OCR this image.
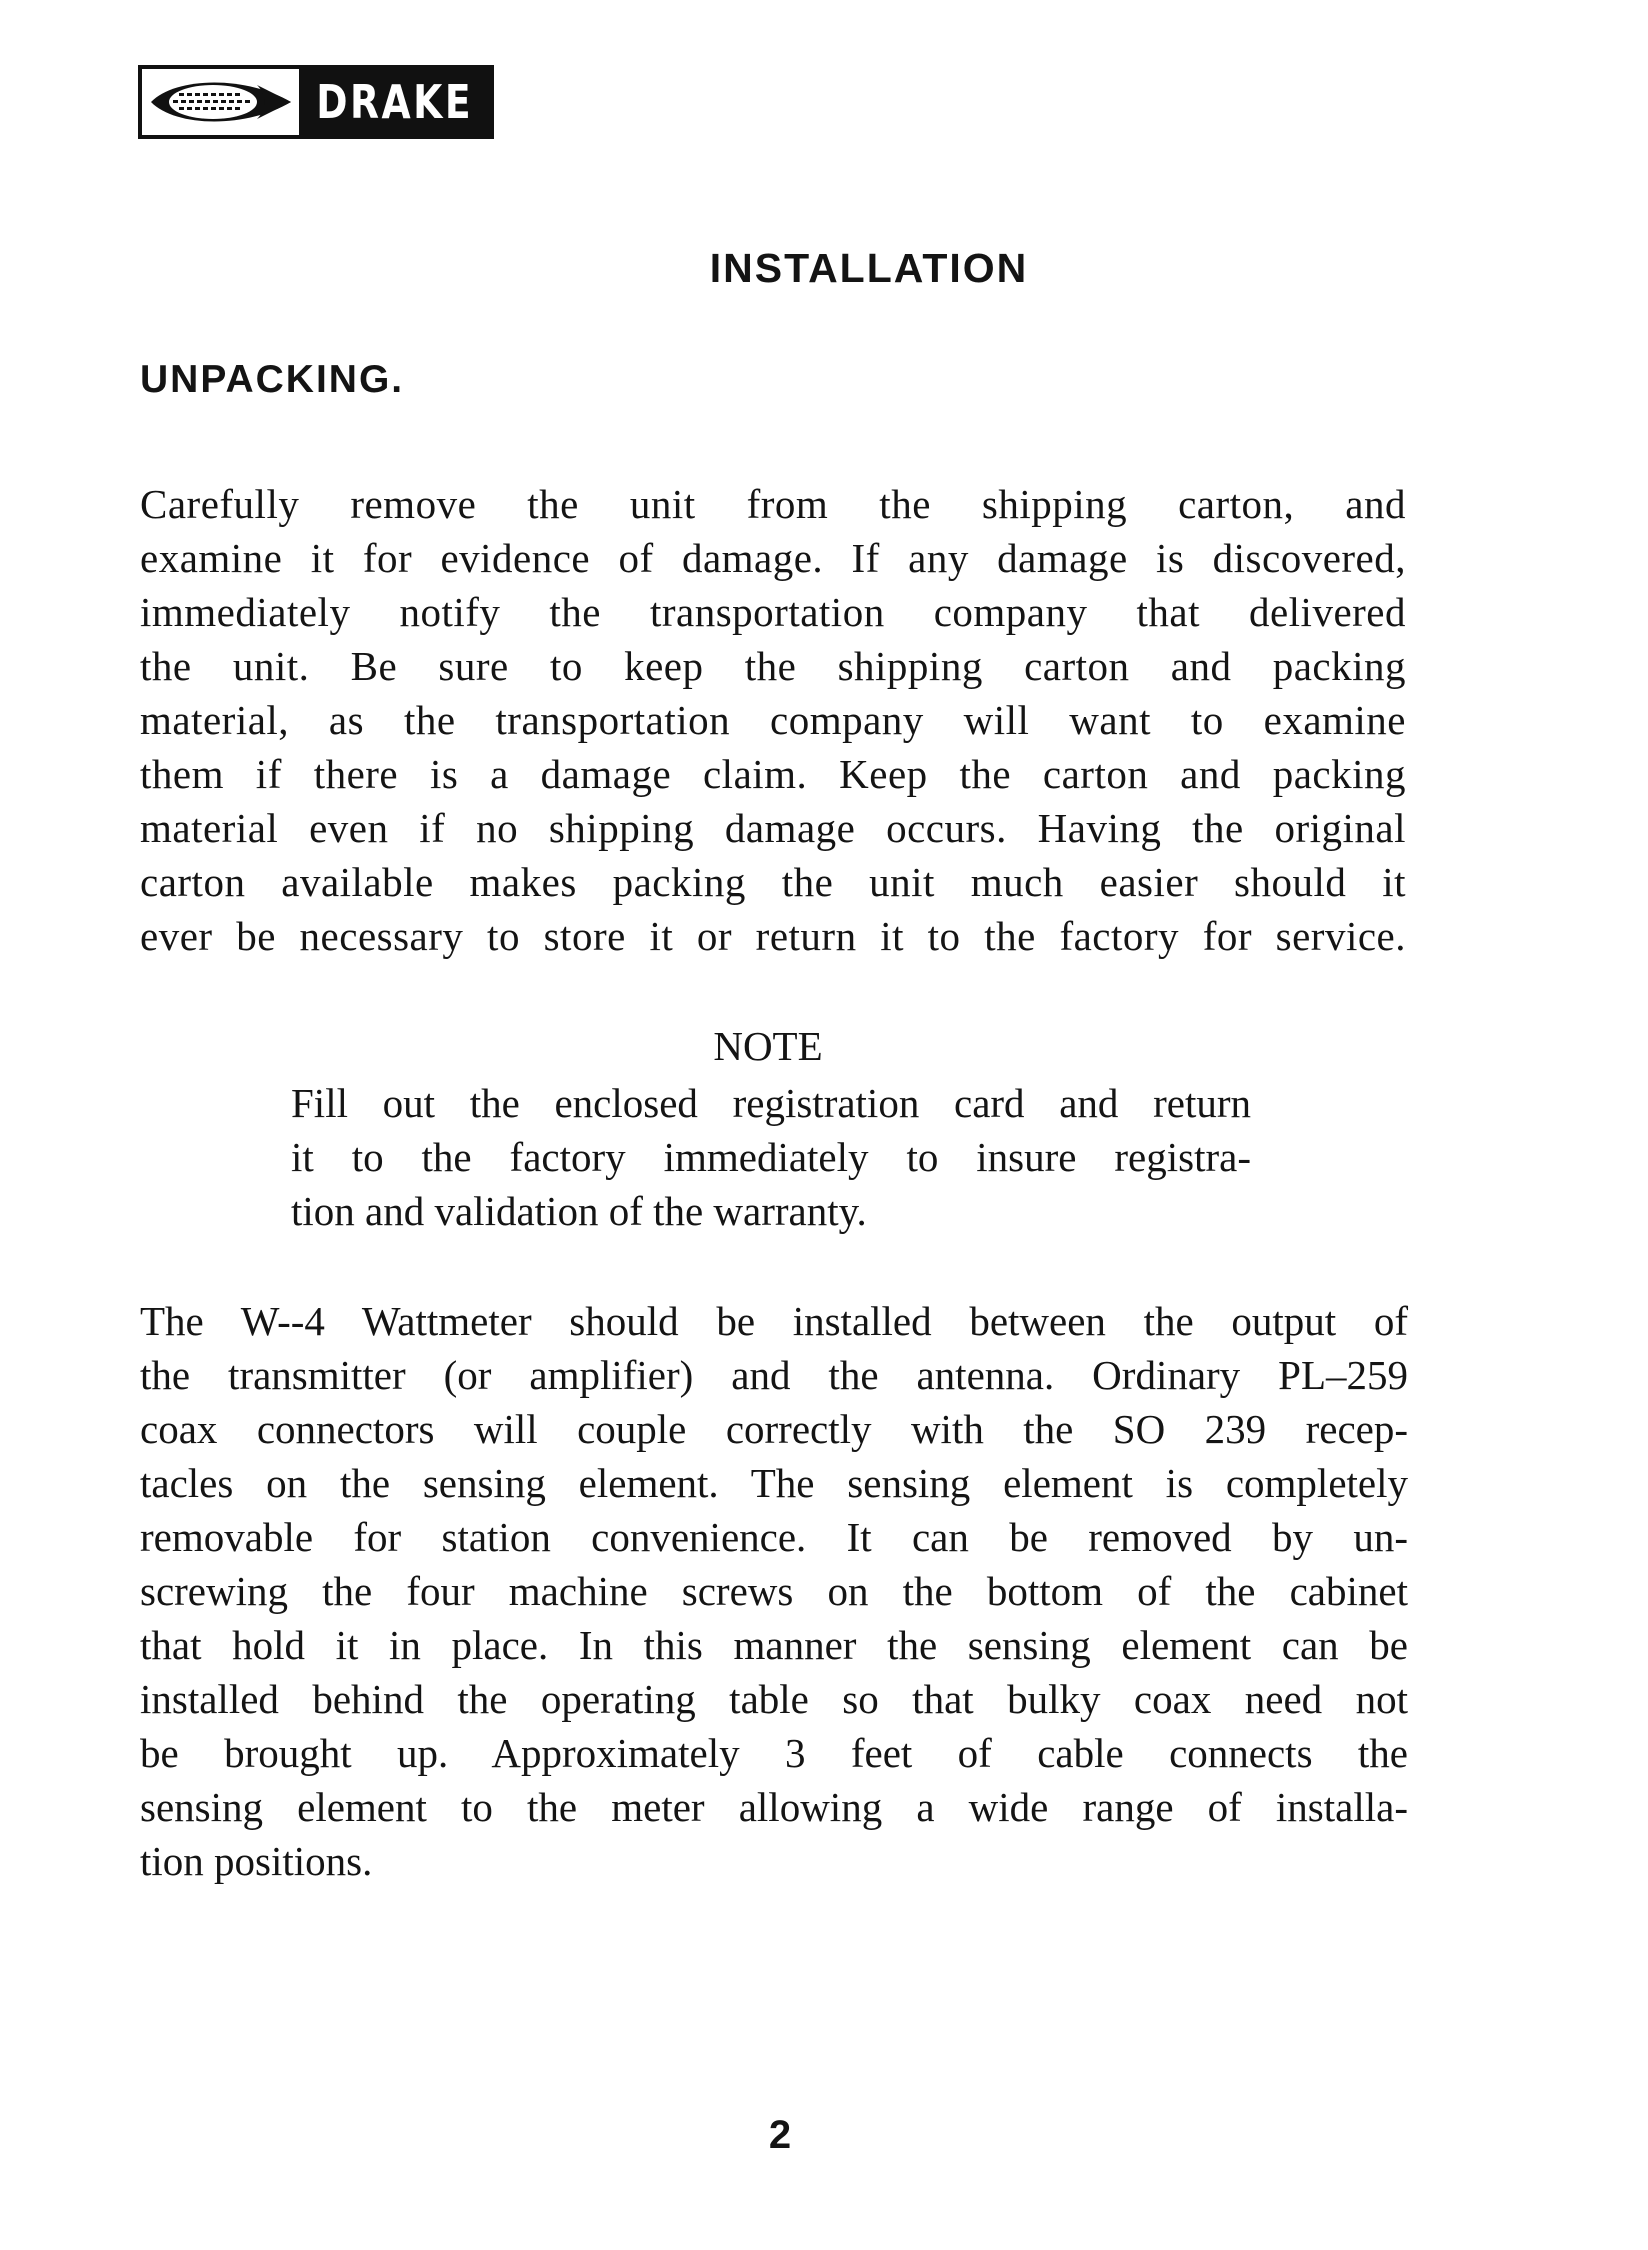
DRAKE
INSTALLATION
UNPACKING.
Carefully remove the unit from the shipping carton, and
examine it for evidence of damage. If any damage is discovered,
immediately notify the transportation company that delivered
the unit. Be sure to keep the shipping carton and packing
material, as the transportation company will want to examine
them if there is a damage claim. Keep the carton and packing
material even if no shipping damage occurs. Having the original
carton available makes packing the unit much easier should it
ever be necessary to store it or return it to the factory for service.
NOTE
Fill out the enclosed registration card and return
it to the factory immediately to insure registra-
tion and validation of the warranty.
The W--4 Wattmeter should be installed between the output of
the transmitter (or amplifier) and the antenna. Ordinary PL–259
coax connectors will couple correctly with the SO 239 recep-
tacles on the sensing element. The sensing element is completely
removable for station convenience. It can be removed by un-
screwing the four machine screws on the bottom of the cabinet
that hold it in place. In this manner the sensing element can be
installed behind the operating table so that bulky coax need not
be brought up. Approximately 3 feet of cable connects the
sensing element to the meter allowing a wide range of installa-
tion positions.
2
